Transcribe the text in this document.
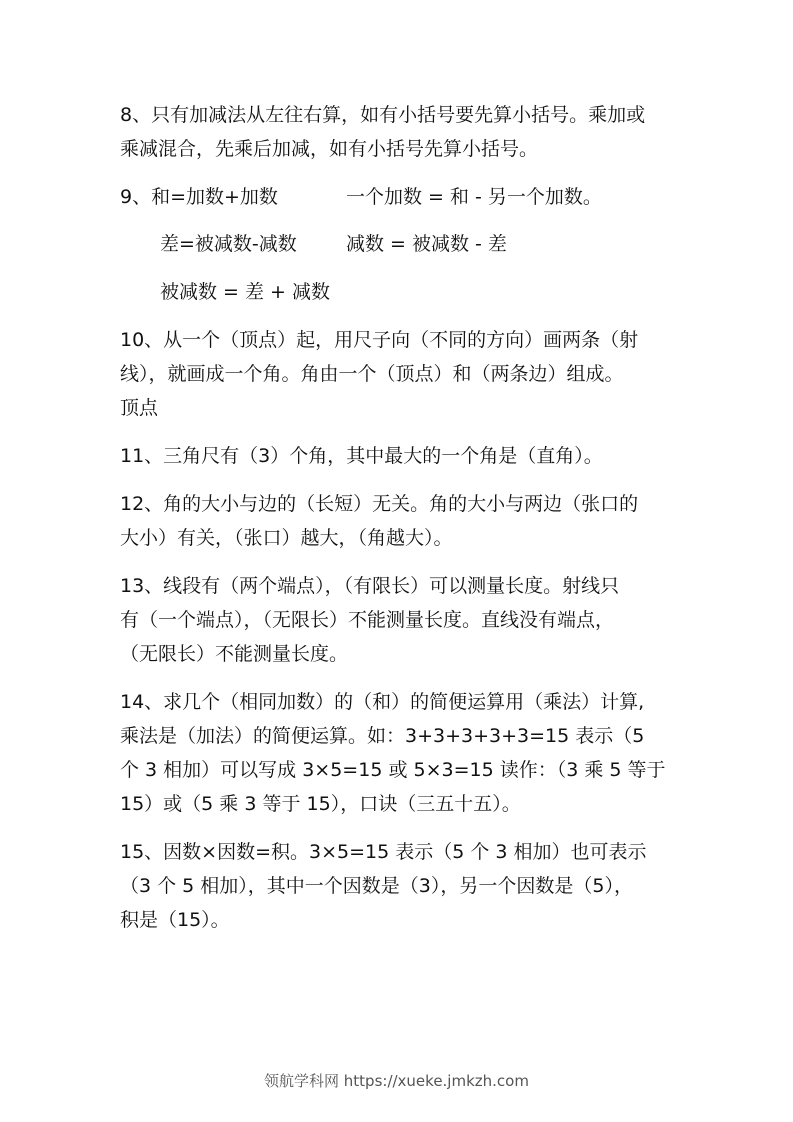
8、只有加减法从左往右算，如有小括号要先算小括号。乘加或
乘减混合，先乘后加减，如有小括号先算小括号。
9、和=加数+加数	一个加数 = 和 - 另一个加数。
差=被减数-减数	减数 = 被减数 - 差
被减数 = 差 + 减数
10、从一个（顶点）起，用尺子向（不同的方向）画两条（射
线），就画成一个角。角由一个（顶点）和（两条边）组成。
顶点
11、三角尺有（3）个角，其中最大的一个角是（直角）。
12、角的大小与边的（长短）无关。角的大小与两边（张口的
大小）有关，（张口）越大，（角越大）。
13、线段有（两个端点），（有限长）可以测量长度。射线只
有（一个端点），（无限长）不能测量长度。直线没有端点，
（无限长）不能测量长度。
14、求几个（相同加数）的（和）的简便运算用（乘法）计算,
乘法是（加法）的简便运算。如：3+3+3+3+3=15 表示（5
个 3 相加）可以写成 3×5=15 或 5×3=15 读作：（3 乘 5 等于
15）或（5 乘 3 等于 15），口诀（三五十五）。
15、因数×因数=积。3×5=15 表示（5 个 3 相加）也可表示
（3 个 5 相加），其中一个因数是（3），另一个因数是（5），
积是（15）。
领航学科网 https://xueke.jmkzh.com
